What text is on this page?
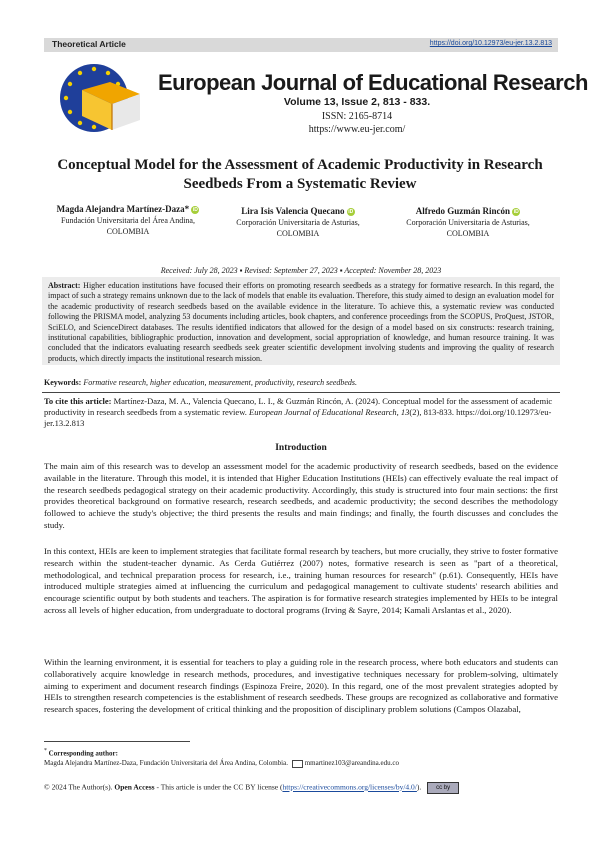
Theoretical Article	https://doi.org/10.12973/eu-jer.13.2.813
European Journal of Educational Research
Volume 13, Issue 2, 813 - 833.
ISSN: 2165-8714
https://www.eu-jer.com/
Conceptual Model for the Assessment of Academic Productivity in Research Seedbeds From a Systematic Review
Magda Alejandra Martínez-Daza* iD
Fundación Universitaria del Área Andina, COLOMBIA
Lira Isis Valencia Quecano iD
Corporación Universitaria de Asturias, COLOMBIA
Alfredo Guzmán Rincón iD
Corporación Universitaria de Asturias, COLOMBIA
Received: July 28, 2023 ▪ Revised: September 27, 2023 ▪ Accepted: November 28, 2023
Abstract: Higher education institutions have focused their efforts on promoting research seedbeds as a strategy for formative research. In this regard, the impact of such a strategy remains unknown due to the lack of models that enable its evaluation. Therefore, this study aimed to design an evaluation model for the academic productivity of research seedbeds based on the available evidence in the literature. To achieve this, a systematic review was conducted following the PRISMA model, analyzing 53 documents including articles, book chapters, and conference proceedings from the SCOPUS, ProQuest, JSTOR, SciELO, and ScienceDirect databases. The results identified indicators that allowed for the design of a model based on six constructs: research training, institutional capabilities, bibliographic production, innovation and development, social appropriation of knowledge, and human resource training. It was concluded that the indicators evaluating research seedbeds seek greater scientific development involving students and improving the quality of research products, which directly impacts the institutional research mission.
Keywords: Formative research, higher education, measurement, productivity, research seedbeds.
To cite this article: Martínez-Daza, M. A., Valencia Quecano, L. I., & Guzmán Rincón, A. (2024). Conceptual model for the assessment of academic productivity in research seedbeds from a systematic review. European Journal of Educational Research, 13(2), 813-833. https://doi.org/10.12973/eu-jer.13.2.813
Introduction
The main aim of this research was to develop an assessment model for the academic productivity of research seedbeds, based on the evidence available in the literature. Through this model, it is intended that Higher Education Institutions (HEIs) can effectively evaluate the real impact of the research seedbeds pedagogical strategy on their academic productivity. Accordingly, this study is structured into four main sections: the first provides theoretical background on formative research, research seedbeds, and academic productivity; the second describes the methodology followed to achieve the study's objective; the third presents the results and main findings; and finally, the fourth discusses and concludes the study.
In this context, HEIs are keen to implement strategies that facilitate formal research by teachers, but more crucially, they strive to foster formative research within the student-teacher dynamic. As Cerda Gutiérrez (2007) notes, formative research is seen as "part of a theoretical, methodological, and technical preparation process for research, i.e., training human resources for research" (p.61). Consequently, HEIs have introduced multiple strategies aimed at influencing the curriculum and pedagogical management to cultivate students' research abilities and encourage scientific output by both students and teachers. The aspiration is for formative research strategies implemented by HEIs to be integral across all levels of higher education, from undergraduate to doctoral programs (Irving & Sayre, 2014; Kamali Arslantas et al., 2020).
Within the learning environment, it is essential for teachers to play a guiding role in the research process, where both educators and students can collaboratively acquire knowledge in research methods, procedures, and investigative techniques necessary for problem-solving, ultimately aiming to experiment and document research findings (Espinoza Freire, 2020). In this regard, one of the most prevalent strategies adopted by HEIs to strengthen research competencies is the establishment of research seedbeds. These groups are recognized as collaborative and formative research spaces, fostering the development of critical thinking and the proposition of disciplinary problem solutions (Campos Olazabal,
* Corresponding author:
Magda Alejandra Martínez-Daza, Fundación Universitaria del Área Andina, Colombia. mmartinez103@areandina.edu.co
© 2024 The Author(s). Open Access - This article is under the CC BY license (https://creativecommons.org/licenses/by/4.0/). cc by
